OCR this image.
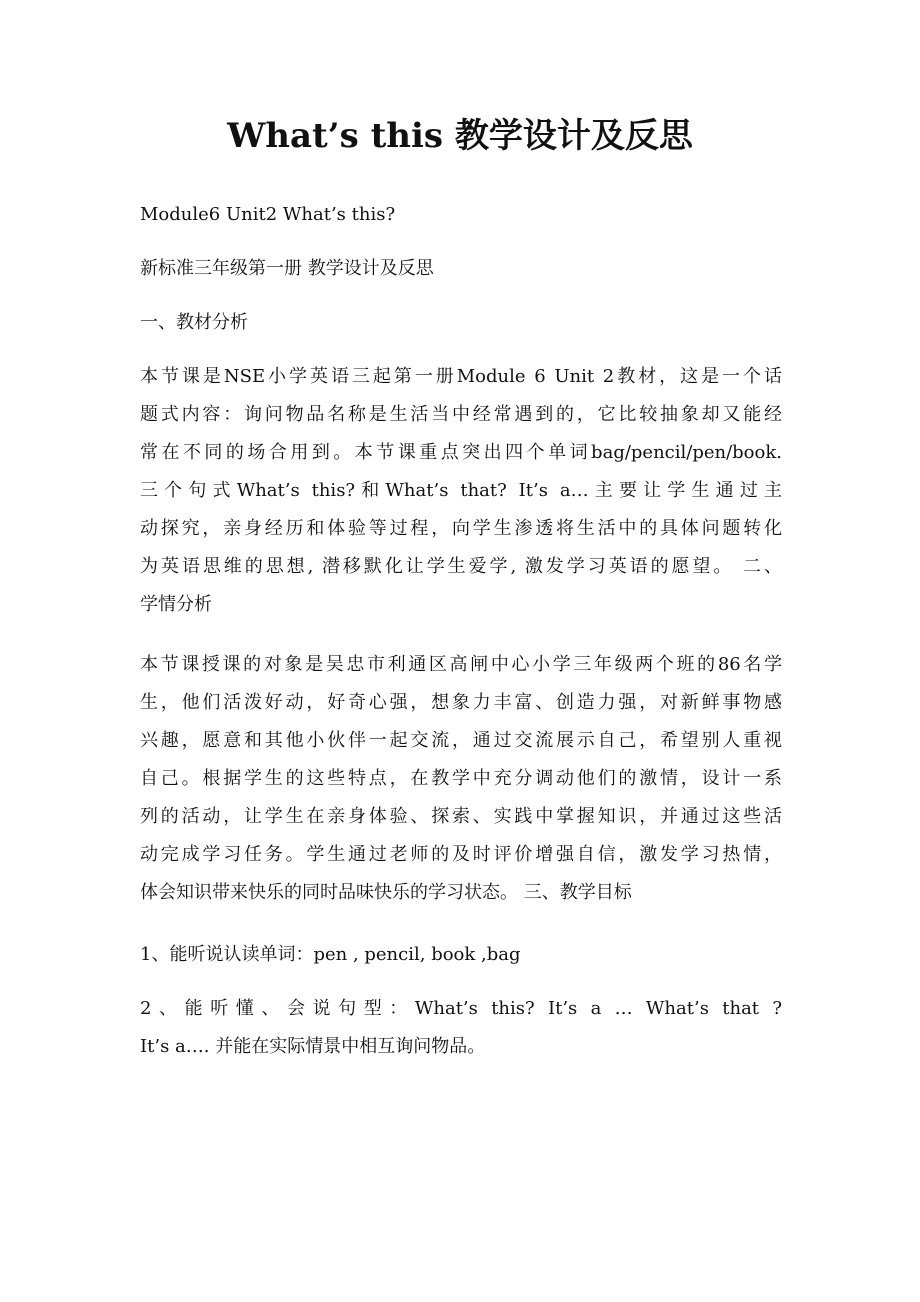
What’s this 教学设计及反思

Module6 Unit2 What’s this?

新标准三年级第一册 教学设计及反思

一、教材分析

本节课是NSE小学英语三起第一册Module 6 Unit 2教材，这是一个话
题式内容：询问物品名称是生活当中经常遇到的，它比较抽象却又能经
常在不同的场合用到。本节课重点突出四个单词bag/pencil/pen/book.
三个句式What’s this?和What’s that? It’s a…主要让学生通过主
动探究，亲身经历和体验等过程，向学生渗透将生活中的具体问题转化
为英语思维的思想, 潜移默化让学生爱学, 激发学习英语的愿望。 二、
学情分析
本节课授课的对象是吴忠市利通区高闸中心小学三年级两个班的86名学
生，他们活泼好动，好奇心强，想象力丰富、创造力强，对新鲜事物感
兴趣，愿意和其他小伙伴一起交流，通过交流展示自己，希望别人重视
自己。根据学生的这些特点，在教学中充分调动他们的激情，设计一系
列的活动，让学生在亲身体验、探索、实践中掌握知识，并通过这些活
动完成学习任务。学生通过老师的及时评价增强自信，激发学习热情，
体会知识带来快乐的同时品味快乐的学习状态。 三、教学目标

1、能听说认读单词：pen , pencil, book ,bag

2、能听懂、会说句型：What’s this? It’s a … What’s that ?
It’s a…. 并能在实际情景中相互询问物品。
